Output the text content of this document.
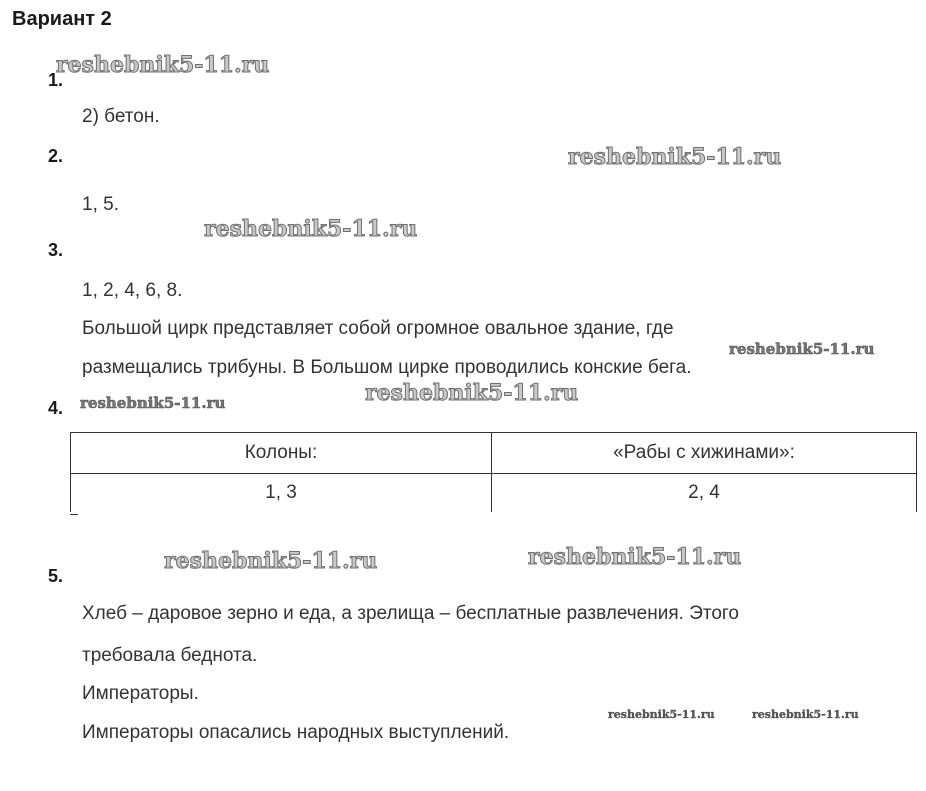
Вариант 2
1.
reshebnik5-11.ru
2) бетон.
2.	reshebnik5-11.ru
1, 5.
reshebnik5-11.ru
3.
1, 2, 4, 6, 8.
Большой цирк представляет собой огромное овальное здание, где
reshebnik5-11.ru
размещались трибуны. В Большом цирке проводились конские бега.
4. reshebnik5-11.ru	reshebnik5-11.ru
Колоны:	«Рабы с хижинами»:
1, 3	2, 4
reshebnik5-11.ru	reshebnik5-11.ru
5.
Хлеб – даровое зерно и еда, а зрелища – бесплатные развлечения. Этого
требовала беднота.
Императоры.
reshebnik5-11.ru	reshebnik5-11.ru
Императоры опасались народных выступлений.
